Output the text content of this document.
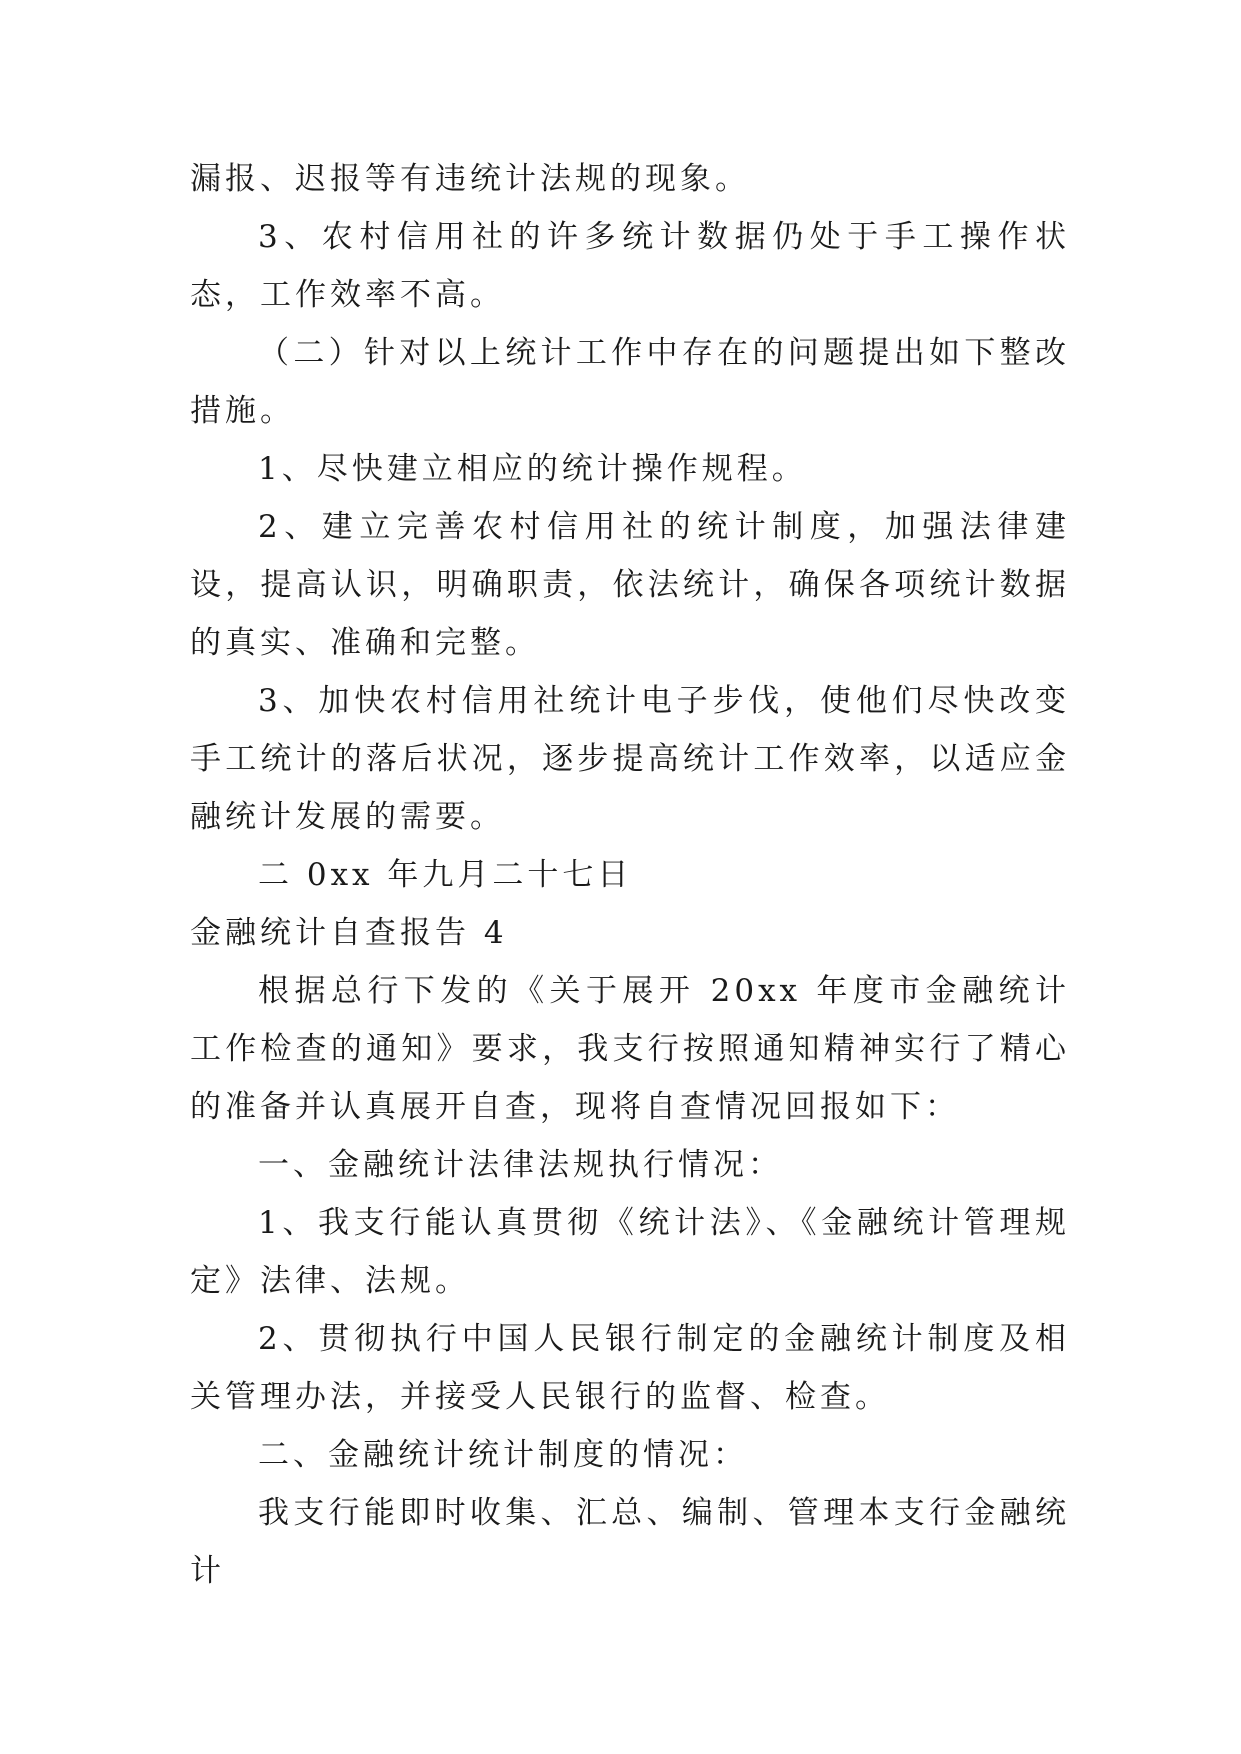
漏报、迟报等有违统计法规的现象。

3、农村信用社的许多统计数据仍处于手工操作状态，工作效率不高。

（二）针对以上统计工作中存在的问题提出如下整改措施。

1、尽快建立相应的统计操作规程。

2、建立完善农村信用社的统计制度，加强法律建设，提高认识，明确职责，依法统计，确保各项统计数据的真实、准确和完整。

3、加快农村信用社统计电子步伐，使他们尽快改变手工统计的落后状况，逐步提高统计工作效率，以适应金融统计发展的需要。

二 0xx 年九月二十七日

金融统计自查报告 4

根据总行下发的《关于展开 20xx 年度市金融统计工作检查的通知》要求，我支行按照通知精神实行了精心的准备并认真展开自查，现将自查情况回报如下：

一、金融统计法律法规执行情况：

1、我支行能认真贯彻《统计法》、《金融统计管理规定》法律、法规。

2、贯彻执行中国人民银行制定的金融统计制度及相关管理办法，并接受人民银行的监督、检查。

二、金融统计统计制度的情况：

我支行能即时收集、汇总、编制、管理本支行金融统计
